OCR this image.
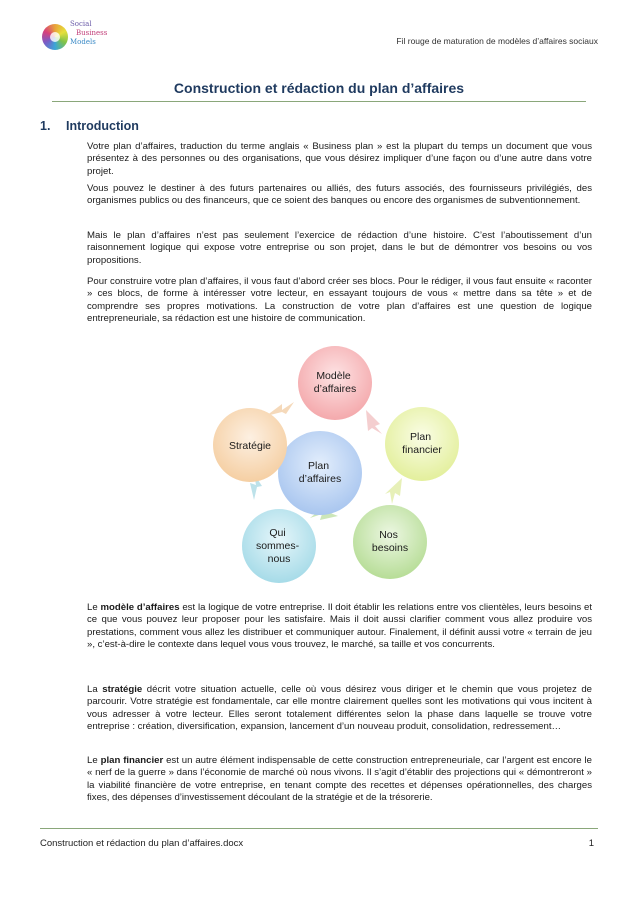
Social
Business
Models	Fil rouge de maturation de modèles d’affaires sociaux
Construction et rédaction du plan d’affaires
1. Introduction
Votre plan d’affaires, traduction du terme anglais « Business plan » est la plupart du temps un document que vous présentez à des personnes ou des organisations, que vous désirez impliquer d’une façon ou d’une autre dans votre projet.
Vous pouvez le destiner à des futurs partenaires ou alliés, des futurs associés, des fournisseurs privilégiés, des organismes publics ou des financeurs, que ce soient des banques ou encore des organismes de subventionnement.
Mais le plan d’affaires n’est pas seulement l’exercice de rédaction d’une histoire. C’est l’aboutissement d’un raisonnement logique qui expose votre entreprise ou son projet, dans le but de démontrer vos besoins ou vos propositions.
Pour construire votre plan d’affaires, il vous faut d’abord créer ses blocs. Pour le rédiger, il vous faut ensuite « raconter » ces blocs, de forme à intéresser votre lecteur, en essayant toujours de vous « mettre dans sa tête » et de comprendre ses propres motivations. La construction de votre plan d’affaires est une question de logique entrepreneuriale, sa rédaction est une histoire de communication.
Plan d’affaires
Modèle d’affaires
Plan financier
Nos besoins
Qui sommes- nous
Stratégie
Le modèle d’affaires est la logique de votre entreprise. Il doit établir les relations entre vos clientèles, leurs besoins et ce que vous pouvez leur proposer pour les satisfaire. Mais il doit aussi clarifier comment vous allez produire vos prestations, comment vous allez les distribuer et communiquer autour. Finalement, il définit aussi votre « terrain de jeu », c’est-à-dire le contexte dans lequel vous vous trouvez, le marché, sa taille et vos concurrents.
La stratégie décrit votre situation actuelle, celle où vous désirez vous diriger et le chemin que vous projetez de parcourir. Votre stratégie est fondamentale, car elle montre clairement quelles sont les motivations qui vous incitent à vous adresser à votre lecteur. Elles seront totalement différentes selon la phase dans laquelle se trouve votre entreprise : création, diversification, expansion, lancement d’un nouveau produit, consolidation, redressement…
Le plan financier est un autre élément indispensable de cette construction entrepreneuriale, car l’argent est encore le « nerf de la guerre » dans l’économie de marché où nous vivons. Il s’agit d’établir des projections qui « démontreront » la viabilité financière de votre entreprise, en tenant compte des recettes et dépenses opérationnelles, des charges fixes, des dépenses d’investissement découlant de la stratégie et de la trésorerie.
Construction et rédaction du plan d’affaires.docx	1
